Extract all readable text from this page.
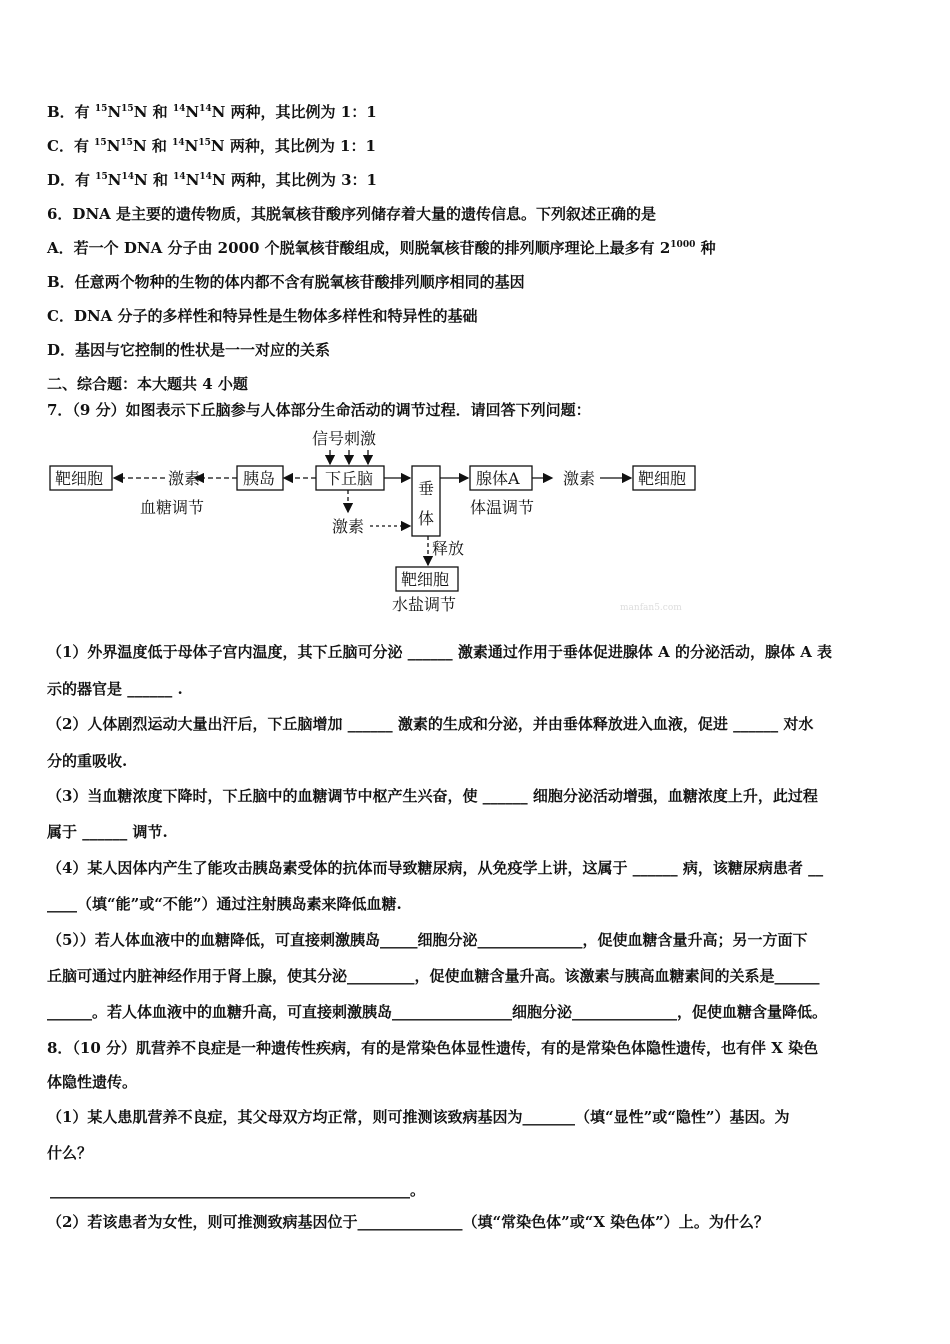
B．有 $^{15}N^{15}N$ 和 $^{14}N^{14}N$ 两种，其比例为 1：1
C．有 $^{15}N^{15}N$ 和 $^{14}N^{15}N$ 两种，其比例为 1：1
D．有 $^{15}N^{14}N$ 和 $^{14}N^{14}N$ 两种，其比例为 3：1
6．DNA 是主要的遗传物质，其脱氧核苷酸序列储存着大量的遗传信息。下列叙述正确的是
A．若一个 DNA 分子由 2000 个脱氧核苷酸组成，则脱氧核苷酸的排列顺序理论上最多有 $2^{1000}$ 种
B．任意两个物种的生物的体内都不含有脱氧核苷酸排列顺序相同的基因
C．DNA 分子的多样性和特异性是生物体多样性和特异性的基础
D．基因与它控制的性状是一一对应的关系
二、综合题：本大题共 4 小题
7．（9 分）如图表示下丘脑参与人体部分生命活动的调节过程．请回答下列问题：
（1）外界温度低于母体子宫内温度，其下丘脑可分泌 ______ 激素通过作用于垂体促进腺体 A 的分泌活动，腺体 A 表
示的器官是 ______ .
（2）人体剧烈运动大量出汗后，下丘脑增加 ______ 激素的生成和分泌，并由垂体释放进入血液，促进 ______ 对水
分的重吸收.
（3）当血糖浓度下降时，下丘脑中的血糖调节中枢产生兴奋，使 ______ 细胞分泌活动增强，血糖浓度上升，此过程
属于 ______ 调节.
（4）某人因体内产生了能攻击胰岛素受体的抗体而导致糖尿病，从免疫学上讲，这属于 ______ 病，该糖尿病患者 __
____（填“能”或“不能”）通过注射胰岛素来降低血糖.
（5））若人体血液中的血糖降低，可直接刺激胰岛_____细胞分泌______________，促使血糖含量升高；另一方面下
丘脑可通过内脏神经作用于肾上腺，使其分泌_________，促使血糖含量升高。该激素与胰高血糖素间的关系是______
______。若人体血液中的血糖升高，可直接刺激胰岛________________细胞分泌______________，促使血糖含量降低。
8．（10 分）肌营养不良症是一种遗传性疾病，有的是常染色体显性遗传，有的是常染色体隐性遗传，也有伴 X 染色
体隐性遗传。
（1）某人患肌营养不良症，其父母双方均正常，则可推测该致病基因为_______（填“显性”或“隐性”）基因。为
什么？
________________________________________________。
（2）若该患者为女性，则可推测致病基因位于______________（填“常染色体”或“X 染色体”）上。为什么？
靶细胞	激素	胰岛	下丘脑
信号刺激
垂
体
腺体A	激素	靶细胞
激素
靶细胞
血糖调节	体温调节
释放
水盐调节	manfan5.com
